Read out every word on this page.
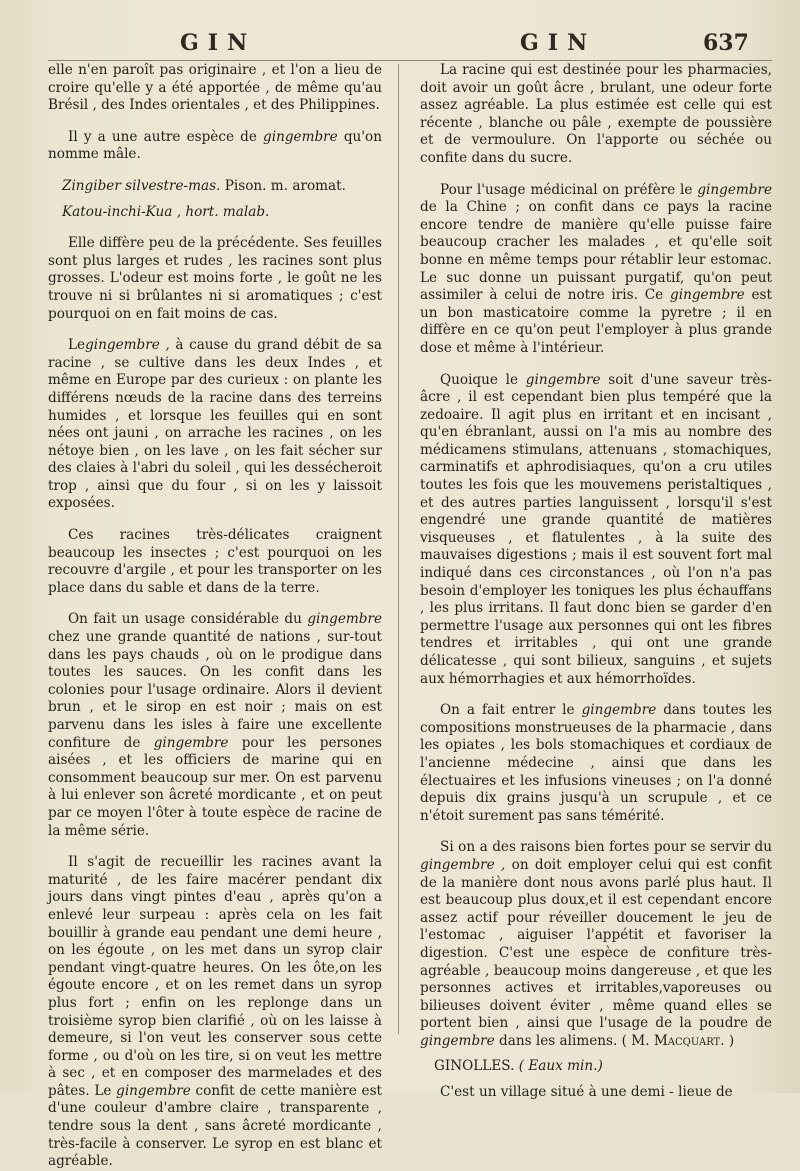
GIN	GIN	637

elle n'en paroît pas originaire , et l'on a lieu de croire qu'elle y a été apportée , de même qu'au Brésil , des Indes orientales , et des Philippines.

Il y a une autre espèce de gingembre qu'on nomme mâle.

Zingiber silvestre-mas. Pison. m. aromat.

Katou-inchi-Kua , hort. malab.

Elle diffère peu de la précédente. Ses feuilles sont plus larges et rudes , les racines sont plus grosses. L'odeur est moins forte , le goût ne les trouve ni si brûlantes ni si aromatiques ; c'est pourquoi on en fait moins de cas.

Legingembre , à cause du grand débit de sa racine , se cultive dans les deux Indes , et même en Europe par des curieux : on plante les différens nœuds de la racine dans des terreins humides , et lorsque les feuilles qui en sont nées ont jauni , on arrache les racines , on les nétoye bien , on les lave , on les fait sécher sur des claies à l'abri du soleil , qui les dessécheroit trop , ainsi que du four , si on les y laissoit exposées.

Ces racines très-délicates craignent beaucoup les insectes ; c'est pourquoi on les recouvre d'argile , et pour les transporter on les place dans du sable et dans de la terre.

On fait un usage considérable du gingembre chez une grande quantité de nations , sur-tout dans les pays chauds , où on le prodigue dans toutes les sauces. On les confit dans les colonies pour l'usage ordinaire. Alors il devient brun , et le sirop en est noir ; mais on est parvenu dans les isles à faire une excellente confiture de gingembre pour les persones aisées , et les officiers de marine qui en consomment beaucoup sur mer. On est parvenu à lui enlever son âcreté mordicante , et on peut par ce moyen l'ôter à toute espèce de racine de la même série.

Il s'agit de recueillir les racines avant la maturité , de les faire macérer pendant dix jours dans vingt pintes d'eau , après qu'on a enlevé leur surpeau : après cela on les fait bouillir à grande eau pendant une demi heure , on les égoute , on les met dans un syrop clair pendant vingt-quatre heures. On les ôte,on les égoute encore , et on les remet dans un syrop plus fort ; enfin on les replonge dans un troisième syrop bien clarifié , où on les laisse à demeure, si l'on veut les conserver sous cette forme , ou d'où on les tire, si on veut les mettre à sec , et en composer des marmelades et des pâtes. Le gingembre confit de cette manière est d'une couleur d'ambre claire , transparente , tendre sous la dent , sans âcreté mordicante , très-facile à conserver. Le syrop en est blanc et agréable.

La racine qui est destinée pour les pharmacies, doit avoir un goût âcre , brulant, une odeur forte assez agréable. La plus estimée est celle qui est récente , blanche ou pâle , exempte de poussière et de vermoulure. On l'apporte ou séchée ou confite dans du sucre.

Pour l'usage médicinal on préfère le gingembre de la Chine ; on confit dans ce pays la racine encore tendre de manière qu'elle puisse faire beaucoup cracher les malades , et qu'elle soit bonne en même temps pour rétablir leur estomac. Le suc donne un puissant purgatif, qu'on peut assimiler à celui de notre iris. Ce gingembre est un bon masticatoire comme la pyretre ; il en diffère en ce qu'on peut l'employer à plus grande dose et même à l'intérieur.

Quoique le gingembre soit d'une saveur très-âcre , il est cependant bien plus tempéré que la zedoaire. Il agit plus en irritant et en incisant , qu'en ébranlant, aussi on l'a mis au nombre des médicamens stimulans, attenuans , stomachiques, carminatifs et aphrodisiaques, qu'on a cru utiles toutes les fois que les mouvemens peristaltiques , et des autres parties languissent , lorsqu'il s'est engendré une grande quantité de matières visqueuses , et flatulentes , à la suite des mauvaises digestions ; mais il est souvent fort mal indiqué dans ces circonstances , où l'on n'a pas besoin d'employer les toniques les plus échauffans , les plus irritans. Il faut donc bien se garder d'en permettre l'usage aux personnes qui ont les fibres tendres et irritables , qui ont une grande délicatesse , qui sont bilieux, sanguins , et sujets aux hémorrhagies et aux hémorrhoïdes.

On a fait entrer le gingembre dans toutes les compositions monstrueuses de la pharmacie , dans les opiates , les bols stomachiques et cordiaux de l'ancienne médecine , ainsi que dans les électuaires et les infusions vineuses ; on l'a donné depuis dix grains jusqu'à un scrupule , et ce n'étoit surement pas sans témérité.

Si on a des raisons bien fortes pour se servir du gingembre , on doit employer celui qui est confit de la manière dont nous avons parlé plus haut. Il est beaucoup plus doux,et il est cependant encore assez actif pour réveiller doucement le jeu de l'estomac , aiguiser l'appétit et favoriser la digestion. C'est une espèce de confiture très-agréable , beaucoup moins dangereuse , et que les personnes actives et irritables,vaporeuses ou bilieuses doivent éviter , même quand elles se portent bien , ainsi que l'usage de la poudre de gingembre dans les alimens. ( M. Macquart. )

GINOLLES. ( Eaux min.)

C'est un village situé à une demi - lieue de
